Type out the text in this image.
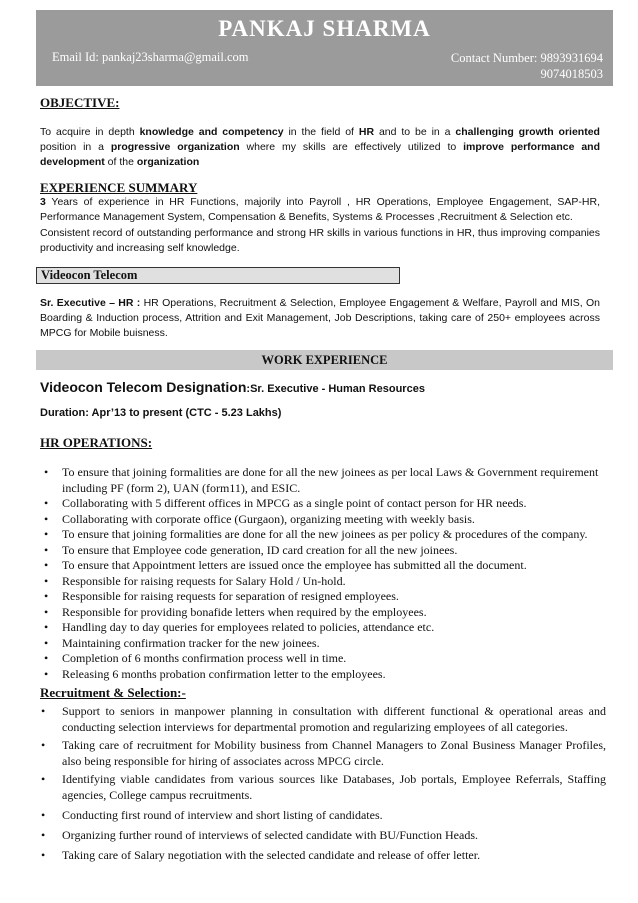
PANKAJ SHARMA
Email Id: pankaj23sharma@gmail.com	Contact Number: 9893931694
9074018503
OBJECTIVE:
To acquire in depth knowledge and competency in the field of HR and to be in a challenging growth oriented position in a progressive organization where my skills are effectively utilized to improve performance and development of the organization
EXPERIENCE SUMMARY
3 Years of experience in HR Functions, majorily into Payroll , HR Operations, Employee Engagement, SAP-HR, Performance Management System, Compensation & Benefits, Systems & Processes ,Recruitment & Selection etc.
Consistent record of outstanding performance and strong HR skills in various functions in HR, thus improving companies productivity and increasing self knowledge.
Videocon Telecom
Sr. Executive – HR : HR Operations, Recruitment & Selection, Employee Engagement & Welfare, Payroll and MIS, On Boarding & Induction process, Attrition and Exit Management, Job Descriptions, taking care of 250+ employees across MPCG for Mobile buisness.
WORK EXPERIENCE
Videocon Telecom Designation:Sr. Executive - Human Resources
Duration: Apr’13 to present (CTC - 5.23 Lakhs)
HR OPERATIONS:
• To ensure that joining formalities are done for all the new joinees as per local Laws & Government requirement including PF (form 2), UAN (form11), and ESIC.
• Collaborating with 5 different offices in MPCG as a single point of contact person for HR needs.
• Collaborating with corporate office (Gurgaon), organizing meeting with weekly basis.
• To ensure that joining formalities are done for all the new joinees as per policy & procedures of the company.
• To ensure that Employee code generation, ID card creation for all the new joinees.
• To ensure that Appointment letters are issued once the employee has submitted all the document.
• Responsible for raising requests for Salary Hold / Un-hold.
• Responsible for raising requests for separation of resigned employees.
• Responsible for providing bonafide letters when required by the employees.
• Handling day to day queries for employees related to policies, attendance etc.
• Maintaining confirmation tracker for the new joinees.
• Completion of 6 months confirmation process well in time.
• Releasing 6 months probation confirmation letter to the employees.
Recruitment & Selection:-
• Support to seniors in manpower planning in consultation with different functional & operational areas and conducting selection interviews for departmental promotion and regularizing employees of all categories.
• Taking care of recruitment for Mobility business from Channel Managers to Zonal Business Manager Profiles, also being responsible for hiring of associates across MPCG circle.
• Identifying viable candidates from various sources like Databases, Job portals, Employee Referrals, Staffing agencies, College campus recruitments.
• Conducting first round of interview and short listing of candidates.
• Organizing further round of interviews of selected candidate with BU/Function Heads.
• Taking care of Salary negotiation with the selected candidate and release of offer letter.
